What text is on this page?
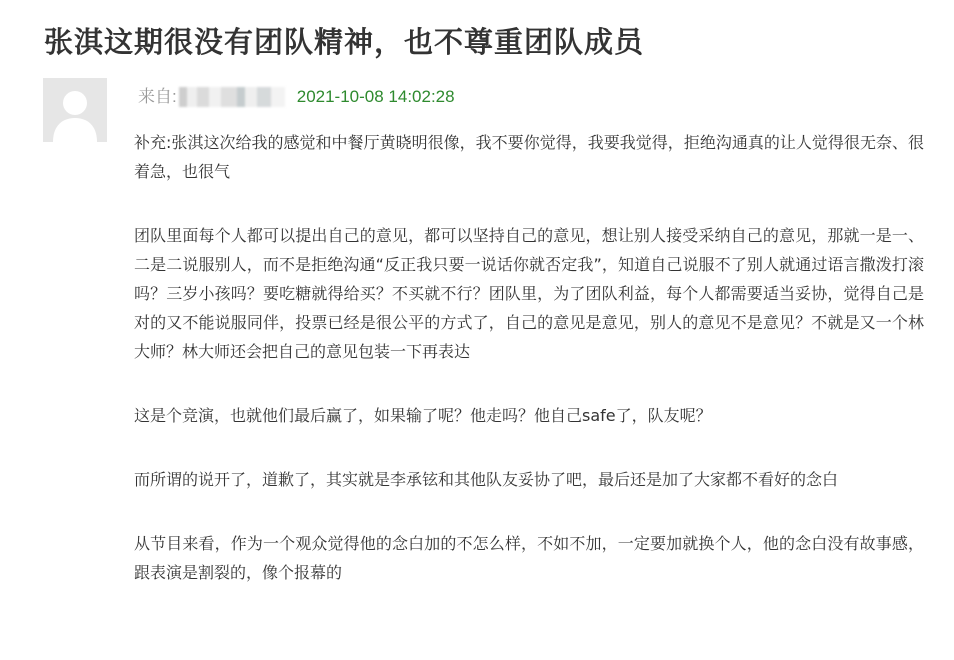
张淇这期很没有团队精神，也不尊重团队成员
来自:	2021-10-08 14:02:28

补充:张淇这次给我的感觉和中餐厅黄晓明很像，我不要你觉得，我要我觉得，拒绝沟通真的让人觉得很无奈、很着急，也很气

团队里面每个人都可以提出自己的意见，都可以坚持自己的意见，想让别人接受采纳自己的意见，那就一是一、二是二说服别人，而不是拒绝沟通“反正我只要一说话你就否定我”，知道自己说服不了别人就通过语言撒泼打滚吗？三岁小孩吗？要吃糖就得给买？不买就不行？团队里，为了团队利益，每个人都需要适当妥协，觉得自己是对的又不能说服同伴，投票已经是很公平的方式了，自己的意见是意见，别人的意见不是意见？不就是又一个林大师？林大师还会把自己的意见包装一下再表达

这是个竞演，也就他们最后赢了，如果输了呢？他走吗？他自己safe了，队友呢？

而所谓的说开了，道歉了，其实就是李承铉和其他队友妥协了吧，最后还是加了大家都不看好的念白

从节目来看，作为一个观众觉得他的念白加的不怎么样，不如不加，一定要加就换个人，他的念白没有故事感，跟表演是割裂的，像个报幕的
